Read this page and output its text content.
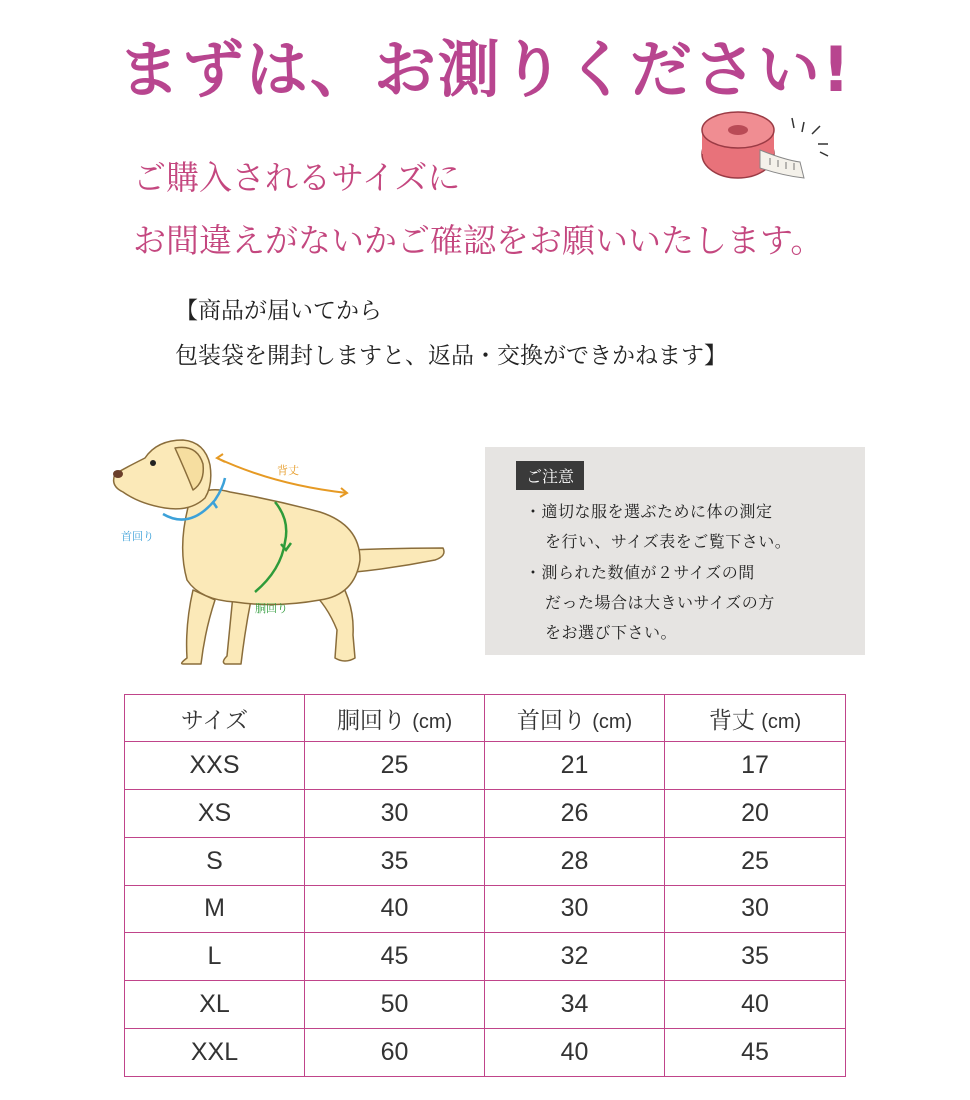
まずは、お測りください!
ご購入されるサイズに
お間違えがないかご確認をお願いいたします。
【商品が届いてから
包装袋を開封しますと、返品・交換ができかねます】
背丈
首回り
胴回り
ご注意
・適切な服を選ぶために体の測定
を行い、サイズ表をご覧下さい。
・測られた数値が２サイズの間
だった場合は大きいサイズの方
をお選び下さい。
サイズ	胴回り (cm)	首回り (cm)	背丈 (cm)
XXS	25	21	17
XS	30	26	20
S	35	28	25
M	40	30	30
L	45	32	35
XL	50	34	40
XXL	60	40	45
